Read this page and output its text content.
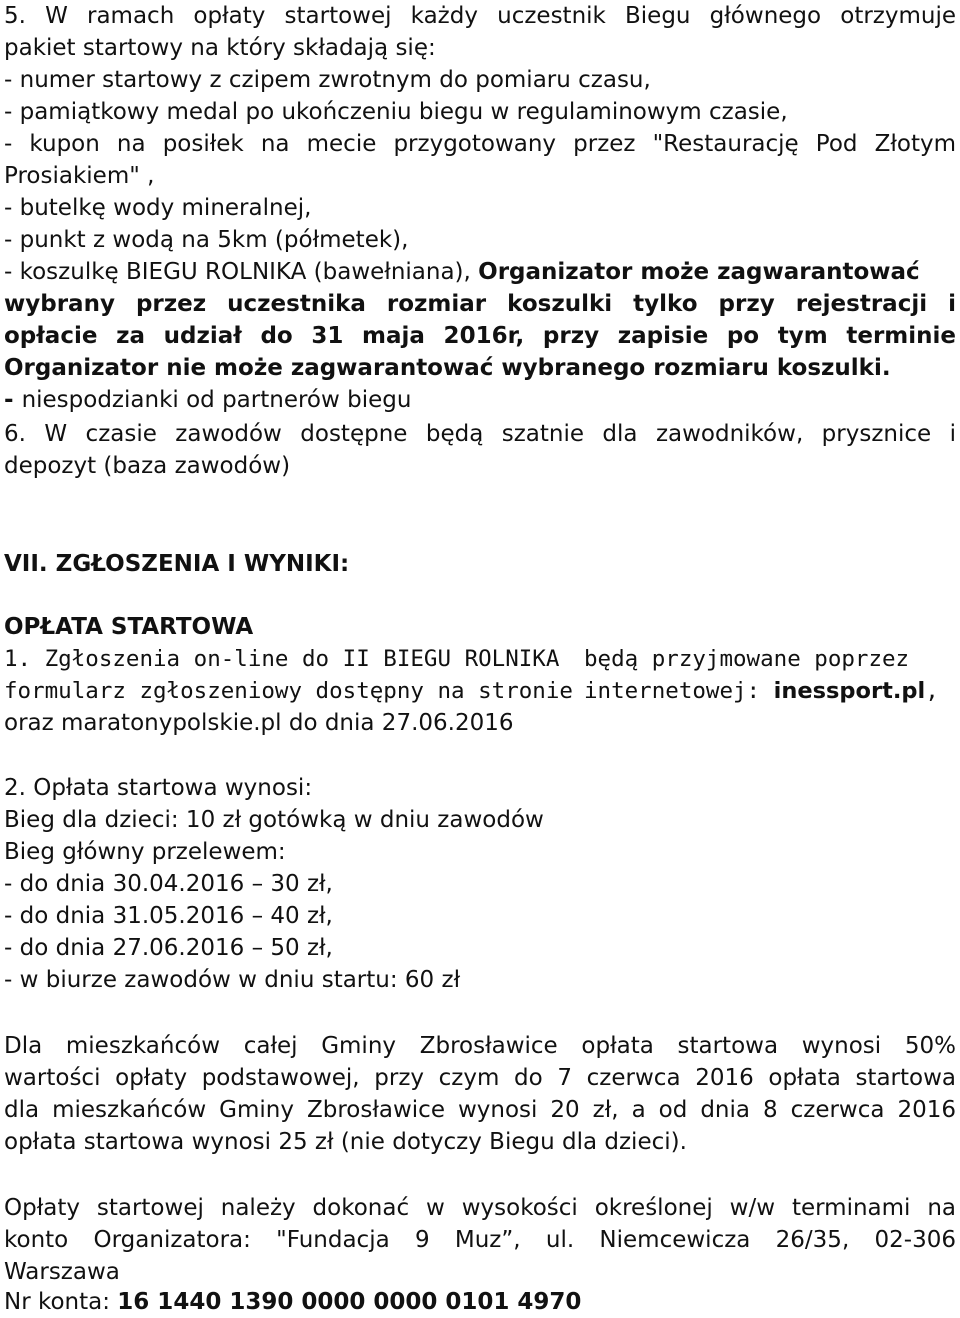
5. W ramach opłaty startowej każdy uczestnik Biegu głównego otrzymuje
pakiet startowy na który składają się:
- numer startowy z czipem zwrotnym do pomiaru czasu,
- pamiątkowy medal po ukończeniu biegu w regulaminowym czasie,
- kupon na posiłek na mecie przygotowany przez "Restaurację Pod Złotym
Prosiakiem" ,
- butelkę wody mineralnej,
- punkt z wodą na 5km (półmetek),
- koszulkę BIEGU ROLNIKA (bawełniana), Organizator może zagwarantować
wybrany przez uczestnika rozmiar koszulki tylko przy rejestracji i
opłacie za udział do 31 maja 2016r, przy zapisie po tym terminie
Organizator nie może zagwarantować wybranego rozmiaru koszulki.
- niespodzianki od partnerów biegu
6. W czasie zawodów dostępne będą szatnie dla zawodników, prysznice i
depozyt (baza zawodów)
VII. ZGŁOSZENIA I WYNIKI:
OPŁATA STARTOWA
1. Zgłoszenia on-line do II BIEGU ROLNIKA będą przyjmowane poprzez
formularz zgłoszeniowy dostępny na stronie internetowej: inessport.pl,
oraz maratonypolskie.pl do dnia 27.06.2016
2. Opłata startowa wynosi:
Bieg dla dzieci: 10 zł gotówką w dniu zawodów
Bieg główny przelewem:
- do dnia 30.04.2016 – 30 zł,
- do dnia 31.05.2016 – 40 zł,
- do dnia 27.06.2016 – 50 zł,
- w biurze zawodów w dniu startu: 60 zł
Dla mieszkańców całej Gminy Zbrosławice opłata startowa wynosi 50%
wartości opłaty podstawowej, przy czym do 7 czerwca 2016 opłata startowa
dla mieszkańców Gminy Zbrosławice wynosi 20 zł, a od dnia 8 czerwca 2016
opłata startowa wynosi 25 zł (nie dotyczy Biegu dla dzieci).
Opłaty startowej należy dokonać w wysokości określonej w/w terminami na
konto Organizatora: "Fundacja 9 Muz”, ul. Niemcewicza 26/35, 02-306
Warszawa
Nr konta: 16 1440 1390 0000 0000 0101 4970
